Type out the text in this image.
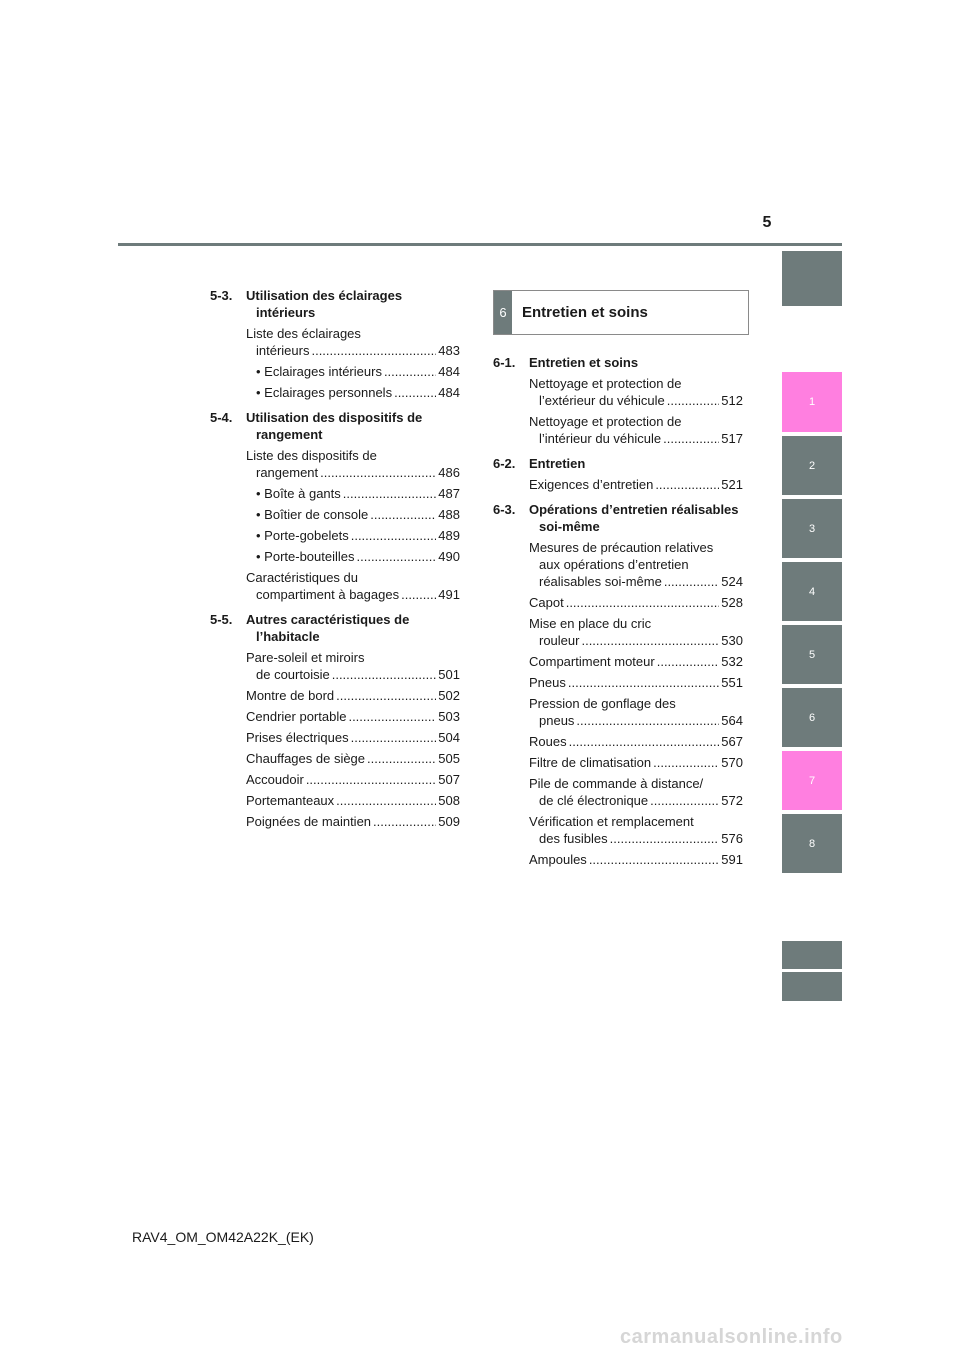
5
5-3.	Utilisation des éclairages intérieurs
Liste des éclairages
intérieurs .....	483
• Eclairages intérieurs .....	484
• Eclairages personnels .....	484
5-4.	Utilisation des dispositifs de rangement
Liste des dispositifs de
rangement .....	486
• Boîte à gants .....	487
• Boîtier de console .....	488
• Porte-gobelets .....	489
• Porte-bouteilles .....	490
Caractéristiques du
compartiment à bagages .....	491
5-5.	Autres caractéristiques de l’habitacle
Pare-soleil et miroirs
de courtoisie .....	501
Montre de bord .....	502
Cendrier portable .....	503
Prises électriques .....	504
Chauffages de siège .....	505
Accoudoir .....	507
Portemanteaux .....	508
Poignées de maintien .....	509
6	Entretien et soins
6-1.	Entretien et soins
Nettoyage et protection de
l’extérieur du véhicule .....	512
Nettoyage et protection de
l’intérieur du véhicule .....	517
6-2.	Entretien
Exigences d’entretien .....	521
6-3.	Opérations d’entretien réalisables soi-même
Mesures de précaution relatives
aux opérations d’entretien
réalisables soi-même .....	524
Capot .....	528
Mise en place du cric
rouleur .....	530
Compartiment moteur .....	532
Pneus .....	551
Pression de gonflage des
pneus .....	564
Roues .....	567
Filtre de climatisation .....	570
Pile de commande à distance/
de clé électronique .....	572
Vérification et remplacement
des fusibles .....	576
Ampoules .....	591
1
2
3
4
5
6
7
8
RAV4_OM_OM42A22K_(EK)
carmanualsonline.info
